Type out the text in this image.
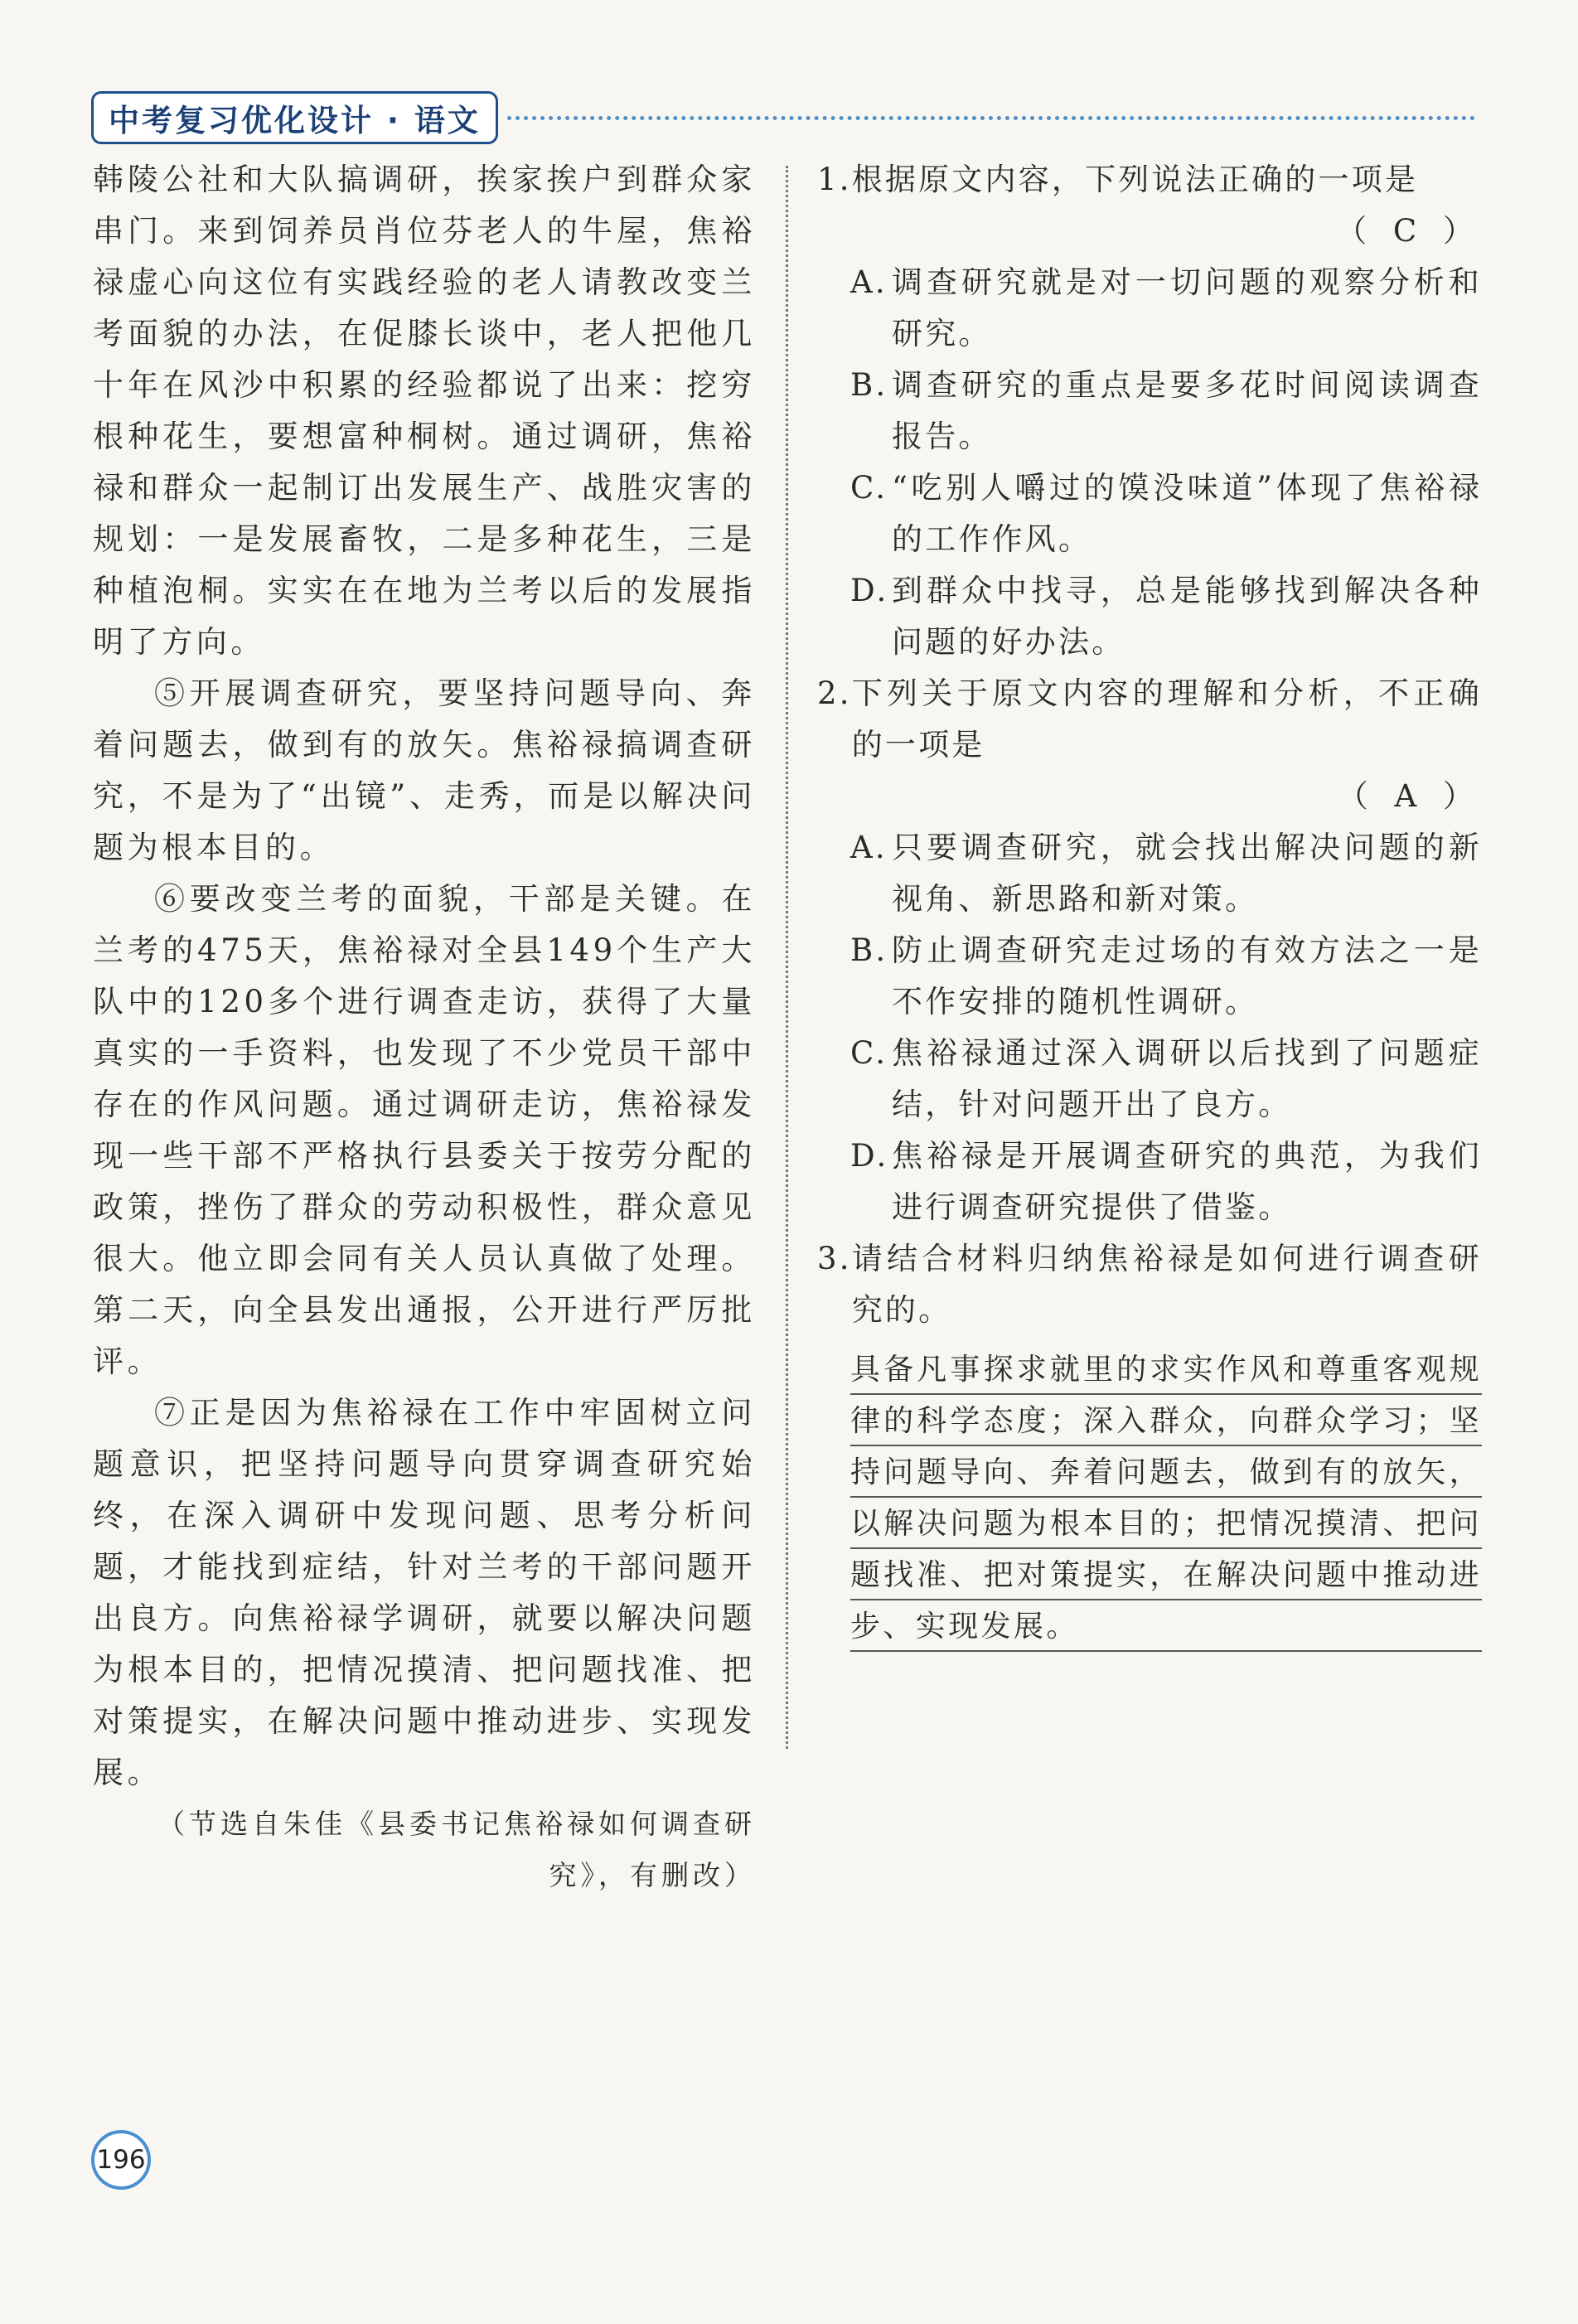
中考复习优化设计 · 语文

韩陵公社和大队搞调研，挨家挨户到群众家串门。来到饲养员肖位芬老人的牛屋，焦裕禄虚心向这位有实践经验的老人请教改变兰考面貌的办法，在促膝长谈中，老人把他几十年在风沙中积累的经验都说了出来：挖穷根种花生，要想富种桐树。通过调研，焦裕禄和群众一起制订出发展生产、战胜灾害的规划：一是发展畜牧，二是多种花生，三是种植泡桐。实实在在地为兰考以后的发展指明了方向。

⑤开展调查研究，要坚持问题导向、奔着问题去，做到有的放矢。焦裕禄搞调查研究，不是为了“出镜”、走秀，而是以解决问题为根本目的。

⑥要改变兰考的面貌，干部是关键。在兰考的475天，焦裕禄对全县149个生产大队中的120多个进行调查走访，获得了大量真实的一手资料，也发现了不少党员干部中存在的作风问题。通过调研走访，焦裕禄发现一些干部不严格执行县委关于按劳分配的政策，挫伤了群众的劳动积极性，群众意见很大。他立即会同有关人员认真做了处理。第二天，向全县发出通报，公开进行严厉批评。

⑦正是因为焦裕禄在工作中牢固树立问题意识，把坚持问题导向贯穿调查研究始终，在深入调研中发现问题、思考分析问题，才能找到症结，针对兰考的干部问题开出良方。向焦裕禄学调研，就要以解决问题为根本目的，把情况摸清、把问题找准、把对策提实，在解决问题中推动进步、实现发展。

（节选自朱佳《县委书记焦裕禄如何调查研究》，有删改）

1. 根据原文内容，下列说法正确的一项是

（ C ）

A. 调查研究就是对一切问题的观察分析和研究。
B. 调查研究的重点是要多花时间阅读调查报告。
C. “吃别人嚼过的馍没味道”体现了焦裕禄的工作作风。
D. 到群众中找寻，总是能够找到解决各种问题的好办法。
2. 下列关于原文内容的理解和分析，不正确的一项是

（ A ）

A. 只要调查研究，就会找出解决问题的新视角、新思路和新对策。
B. 防止调查研究走过场的有效方法之一是不作安排的随机性调研。
C. 焦裕禄通过深入调研以后找到了问题症结，针对问题开出了良方。
D. 焦裕禄是开展调查研究的典范，为我们进行调查研究提供了借鉴。
3. 请结合材料归纳焦裕禄是如何进行调查研究的。
具备凡事探求就里的求实作风和尊重客观规律的科学态度；深入群众，向群众学习；坚持问题导向、奔着问题去，做到有的放矢，以解决问题为根本目的；把情况摸清、把问题找准、把对策提实，在解决问题中推动进步、实现发展。
196
